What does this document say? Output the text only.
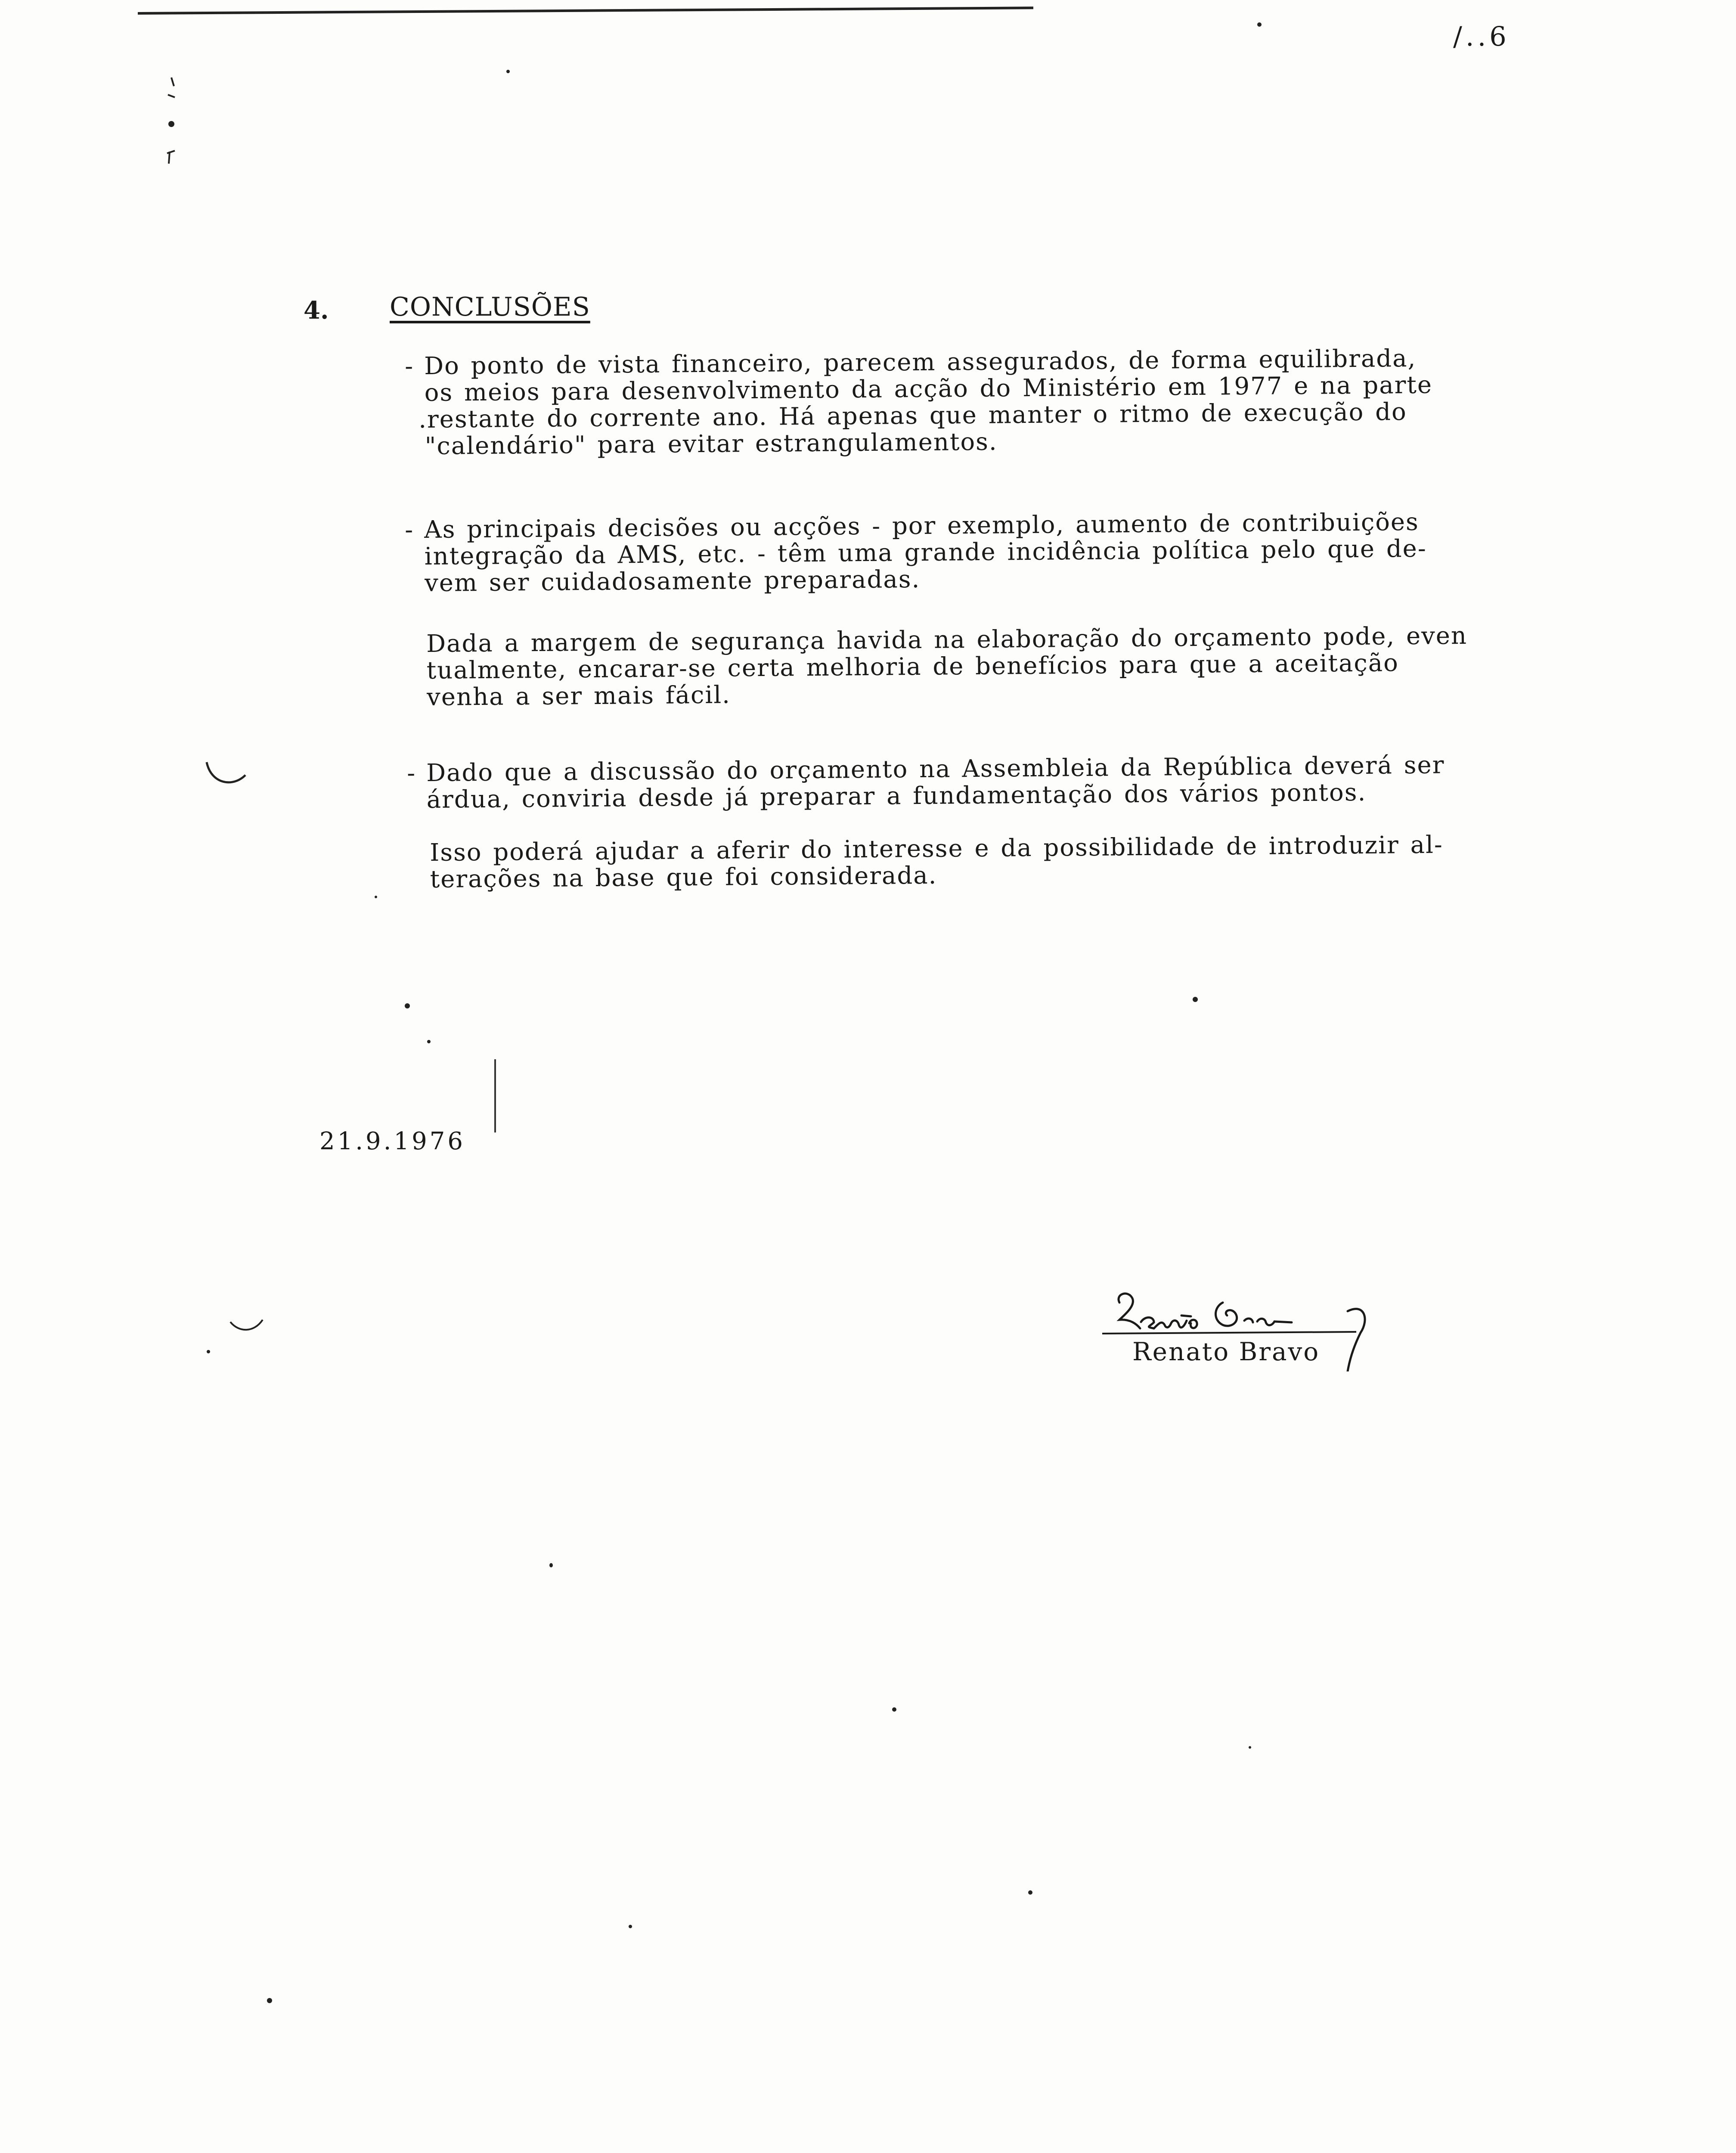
/..6
4. CONCLUSÕES
- Do ponto de vista financeiro, parecem assegurados, de forma equilibrada,
os meios para desenvolvimento da acção do Ministério em 1977 e na parte
.restante do corrente ano. Há apenas que manter o ritmo de execução do
"calendário" para evitar estrangulamentos.
- As principais decisões ou acções - por exemplo, aumento de contribuições
integração da AMS, etc. - têm uma grande incidência política pelo que de-
vem ser cuidadosamente preparadas.
Dada a margem de segurança havida na elaboração do orçamento pode, even
tualmente, encarar-se certa melhoria de benefícios para que a aceitação
venha a ser mais fácil.
- Dado que a discussão do orçamento na Assembleia da República deverá ser
árdua, conviria desde já preparar a fundamentação dos vários pontos.
Isso poderá ajudar a aferir do interesse e da possibilidade de introduzir al-
terações na base que foi considerada.
21.9.1976
Renato Bravo
